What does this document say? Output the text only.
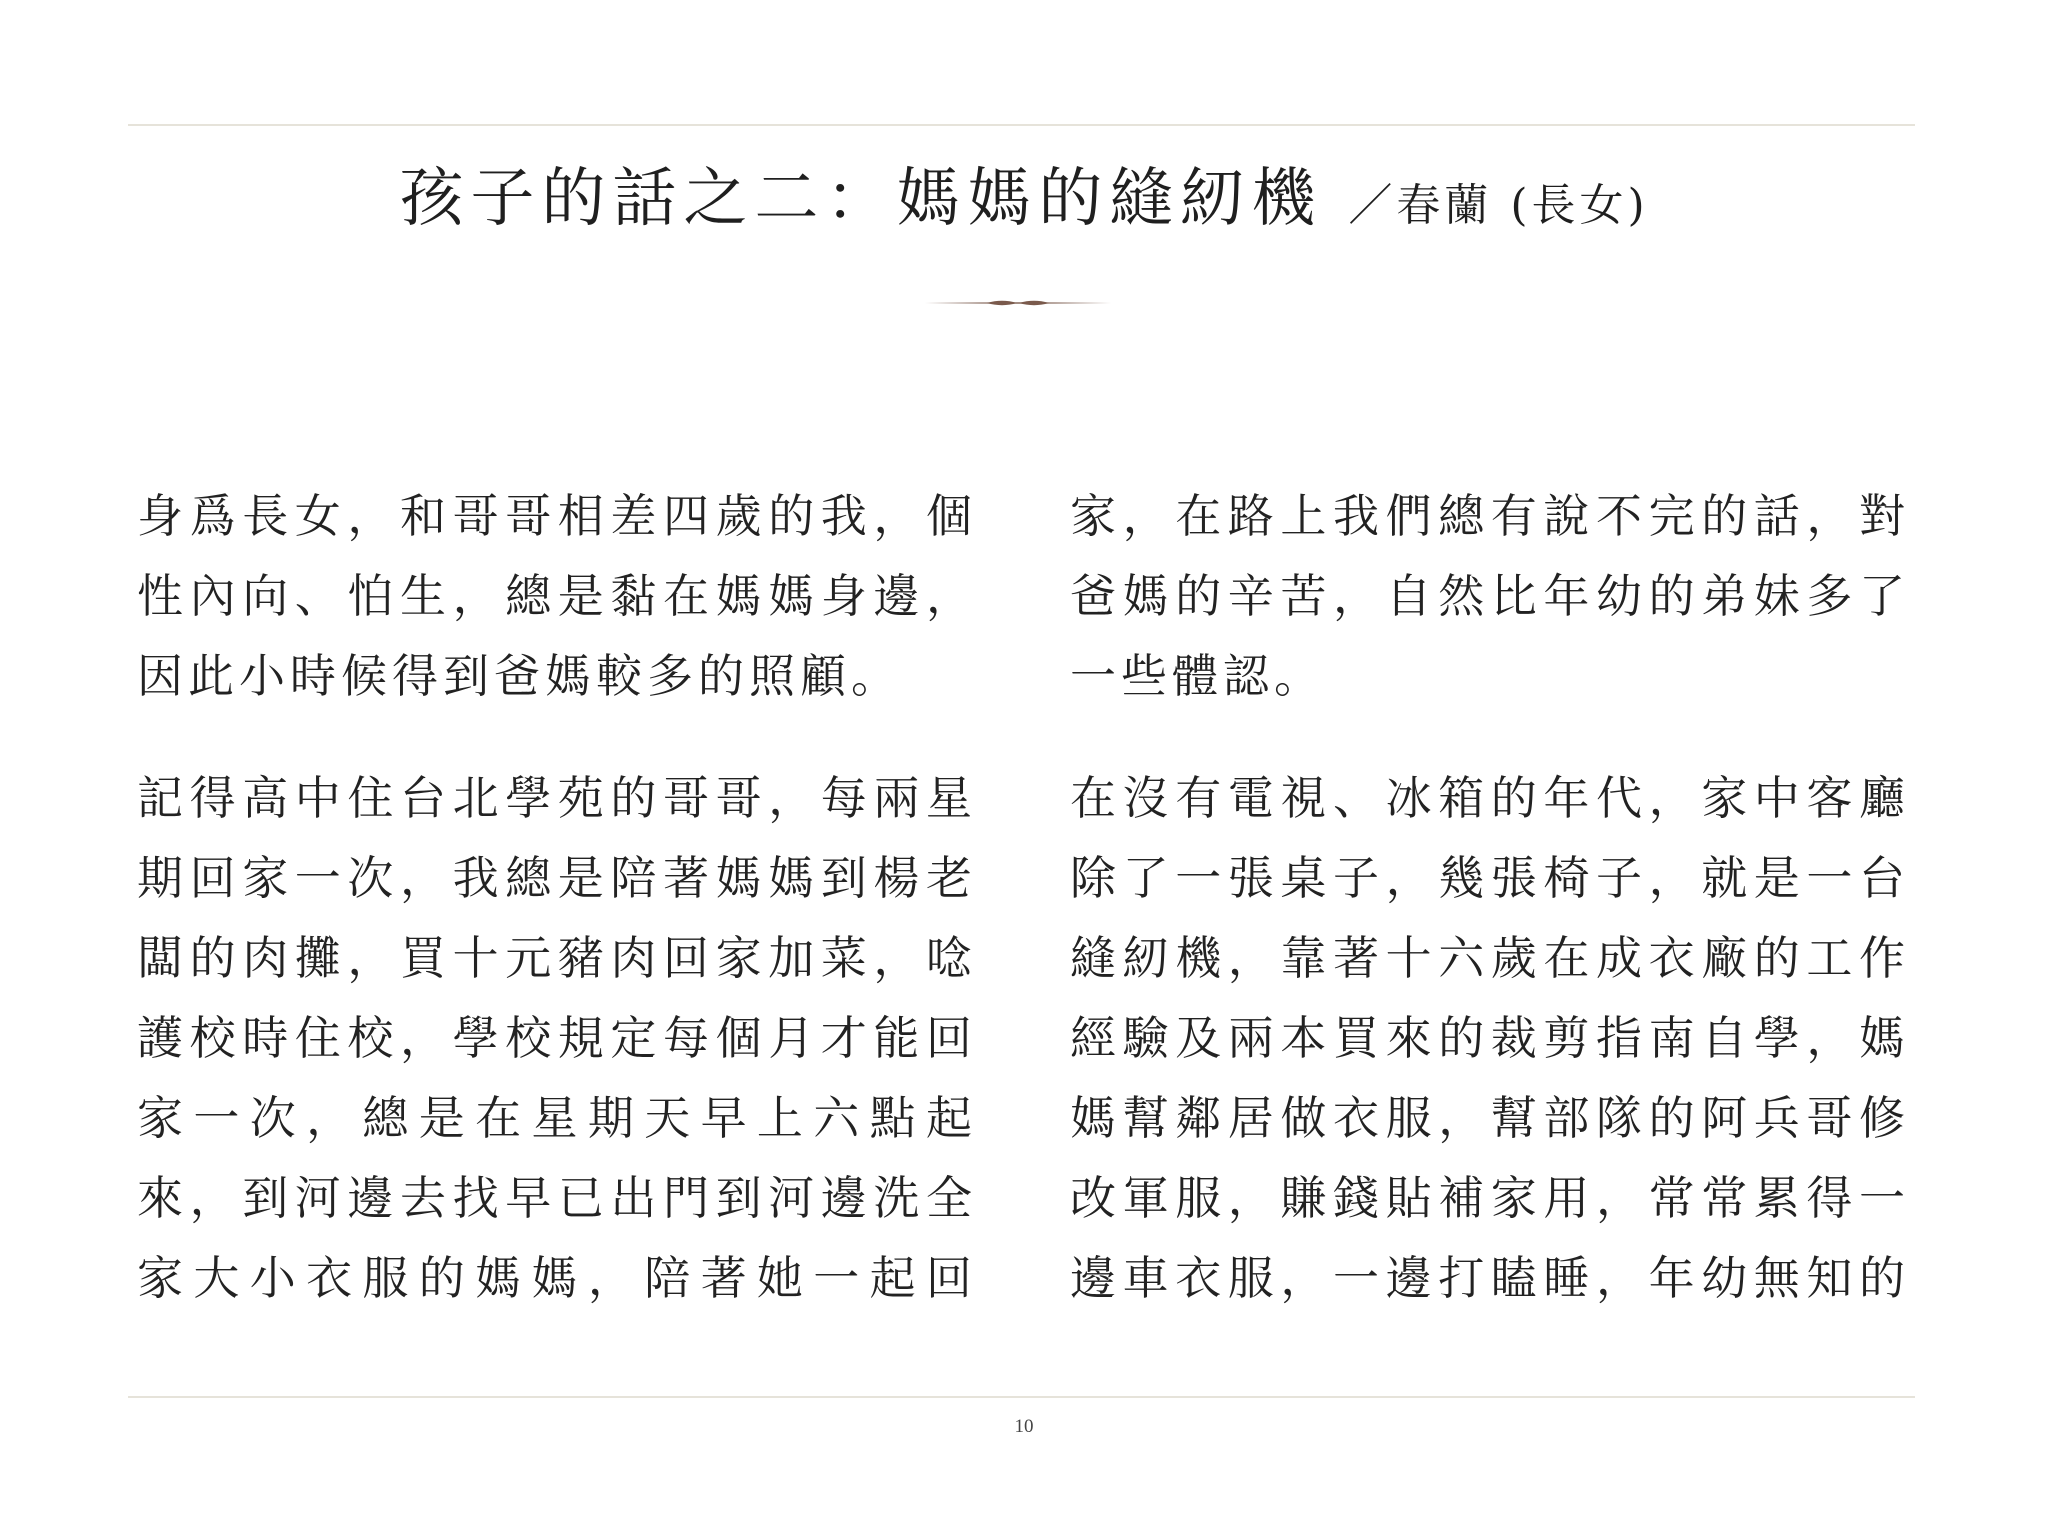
孩子的話之二：媽媽的縫紉機 ／春蘭 (長女)
身爲長女，和哥哥相差四歲的我，個
性內向、怕生，總是黏在媽媽身邊，
因此小時候得到爸媽較多的照顧。
記得高中住台北學苑的哥哥，每兩星
期回家一次，我總是陪著媽媽到楊老
闆的肉攤，買十元豬肉回家加菜，唸
護校時住校，學校規定每個月才能回
家一次，總是在星期天早上六點起
來，到河邊去找早已出門到河邊洗全
家大小衣服的媽媽，陪著她一起回
家，在路上我們總有說不完的話，對
爸媽的辛苦，自然比年幼的弟妹多了
一些體認。
在沒有電視、冰箱的年代，家中客廳
除了一張桌子，幾張椅子，就是一台
縫紉機，靠著十六歲在成衣廠的工作
經驗及兩本買來的裁剪指南自學，媽
媽幫鄰居做衣服，幫部隊的阿兵哥修
改軍服，賺錢貼補家用，常常累得一
邊車衣服，一邊打瞌睡，年幼無知的
10
